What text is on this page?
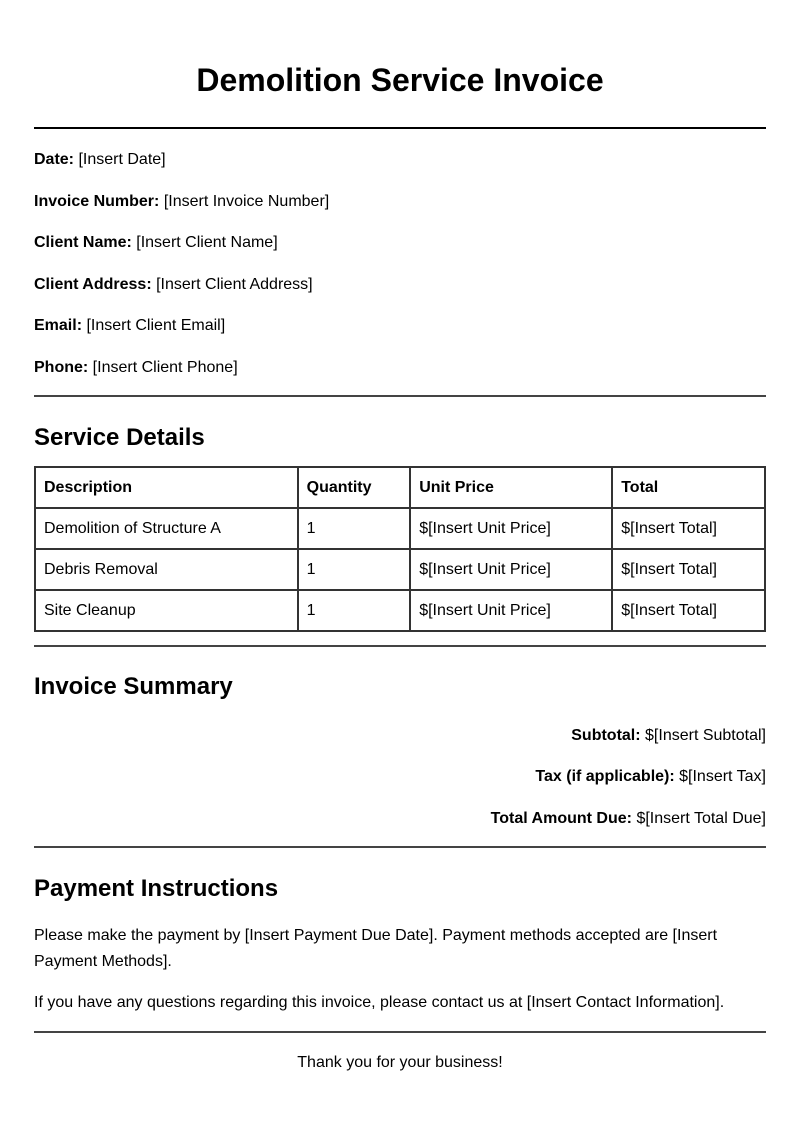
Demolition Service Invoice
Date: [Insert Date]
Invoice Number: [Insert Invoice Number]
Client Name: [Insert Client Name]
Client Address: [Insert Client Address]
Email: [Insert Client Email]
Phone: [Insert Client Phone]
Service Details
Description	Quantity	Unit Price	Total
Demolition of Structure A	1	$[Insert Unit Price]	$[Insert Total]
Debris Removal	1	$[Insert Unit Price]	$[Insert Total]
Site Cleanup	1	$[Insert Unit Price]	$[Insert Total]
Invoice Summary
Subtotal: $[Insert Subtotal]
Tax (if applicable): $[Insert Tax]
Total Amount Due: $[Insert Total Due]
Payment Instructions

Please make the payment by [Insert Payment Due Date]. Payment methods accepted are [Insert Payment Methods].

If you have any questions regarding this invoice, please contact us at [Insert Contact Information].

Thank you for your business!
